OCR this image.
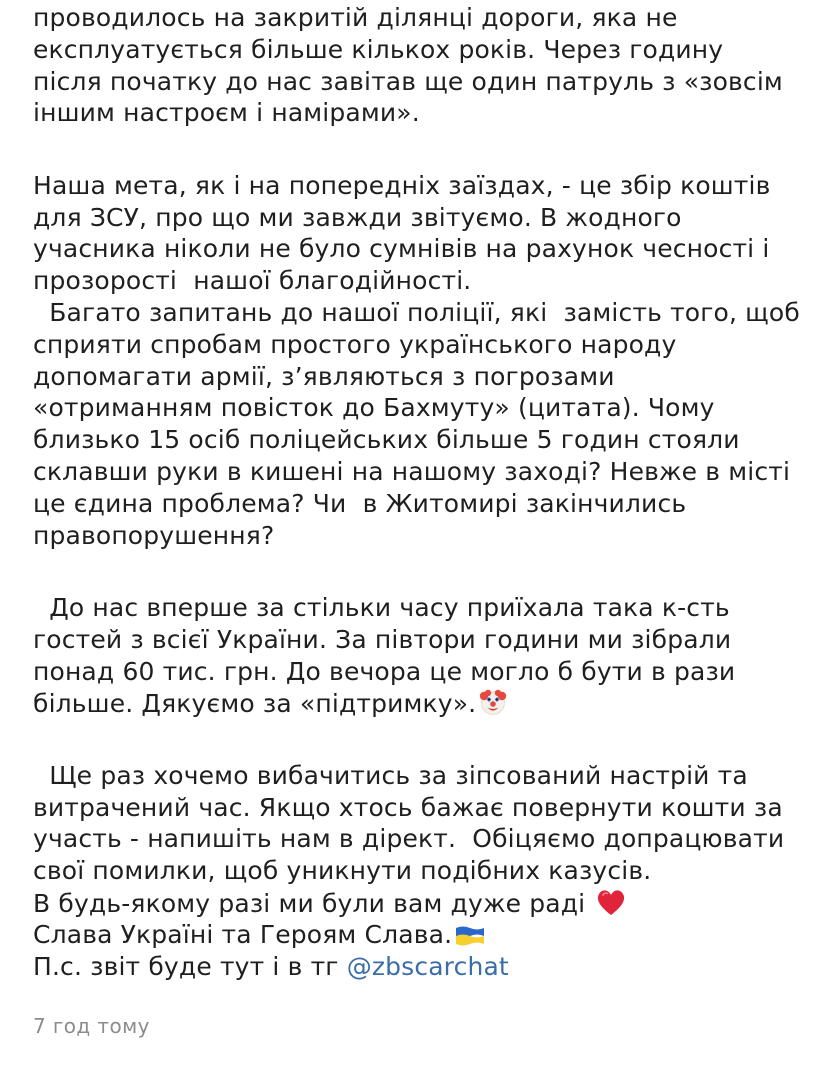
проводилось на закритій ділянці дороги, яка не
експлуатується більше кількох років. Через годину
після початку до нас завітав ще один патруль з «зовсім
іншим настроєм і намірами».
Наша мета, як і на попередніх заїздах, - це збір коштів
для ЗСУ, про що ми завжди звітуємо. В жодного
учасника ніколи не було сумнівів на рахунок чесності і
прозорості  нашої благодійності.
Багато запитань до нашої поліції, які  замість того, щоб
сприяти спробам простого українського народу
допомагати армії, з’являються з погрозами
«отриманням повісток до Бахмуту» (цитата). Чому
близько 15 осіб поліцейських більше 5 годин стояли
склавши руки в кишені на нашому заході? Невже в місті
це єдина проблема? Чи  в Житомирі закінчились
правопорушення?
До нас вперше за стільки часу приїхала така к-сть
гостей з всієї України. За півтори години ми зібрали
понад 60 тис. грн. До вечора це могло б бути в рази
більше. Дякуємо за «підтримку».
Ще раз хочемо вибачитись за зіпсований настрій та
витрачений час. Якщо хтось бажає повернути кошти за
участь - напишіть нам в дірект.  Обіцяємо допрацювати
свої помилки, щоб уникнути подібних казусів.
В будь-якому разі ми були вам дуже раді
Слава Україні та Героям Слава.
П.с. звіт буде тут і в тг @zbscarchat
7 год тому
